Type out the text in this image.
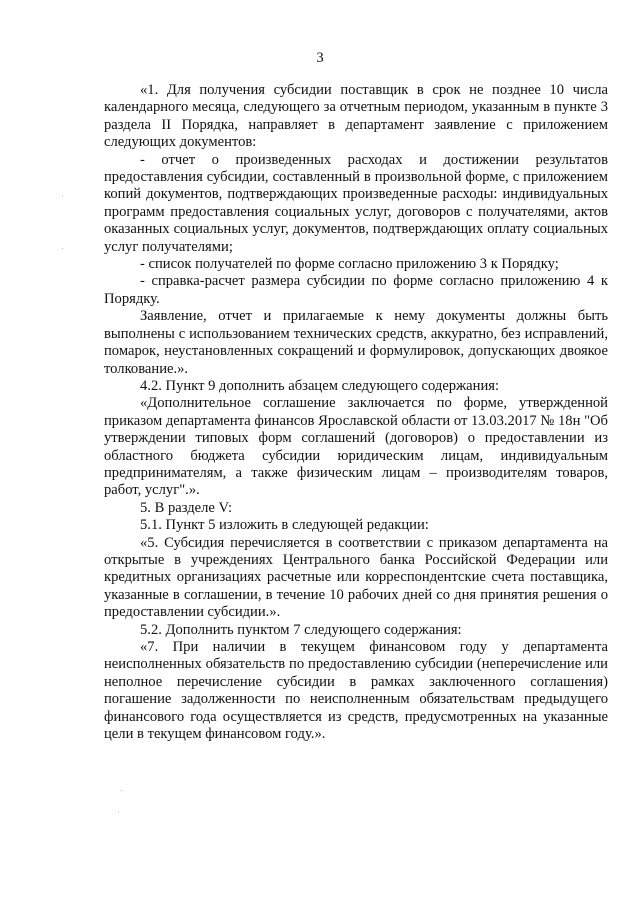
3

«1. Для получения субсидии поставщик в срок не позднее 10 числа календарного месяца, следующего за отчетным периодом, указанным в пункте 3 раздела II Порядка, направляет в департамент заявление с приложением следующих документов:

- отчет о произведенных расходах и достижении результатов предоставления субсидии, составленный в произвольной форме, с приложением копий документов, подтверждающих произведенные расходы: индивидуальных программ предоставления социальных услуг, договоров с получателями, актов оказанных социальных услуг, документов, подтверждающих оплату социальных услуг получателями;

- список получателей по форме согласно приложению 3 к Порядку;

- справка-расчет размера субсидии по форме согласно приложению 4 к Порядку.

Заявление, отчет и прилагаемые к нему документы должны быть выполнены с использованием технических средств, аккуратно, без исправлений, помарок, неустановленных сокращений и формулировок, допускающих двоякое толкование.».

4.2. Пункт 9 дополнить абзацем следующего содержания:

«Дополнительное соглашение заключается по форме, утвержденной приказом департамента финансов Ярославской области от 13.03.2017 № 18н "Об утверждении типовых форм соглашений (договоров) о предоставлении из областного бюджета субсидии юридическим лицам, индивидуальным предпринимателям, а также физическим лицам – производителям товаров, работ, услуг".».

5. В разделе V:

5.1. Пункт 5 изложить в следующей редакции:

«5. Субсидия перечисляется в соответствии с приказом департамента на открытые в учреждениях Центрального банка Российской Федерации или кредитных организациях расчетные или корреспондентские счета поставщика, указанные в соглашении, в течение 10 рабочих дней со дня принятия решения о предоставлении субсидии.».

5.2. Дополнить пунктом 7 следующего содержания:

«7. При наличии в текущем финансовом году у департамента неисполненных обязательств по предоставлению субсидии (неперечисление или неполное перечисление субсидии в рамках заключенного соглашения) погашение задолженности по неисполненным обязательствам предыдущего финансового года осуществляется из средств, предусмотренных на указанные цели в текущем финансовом году.».
